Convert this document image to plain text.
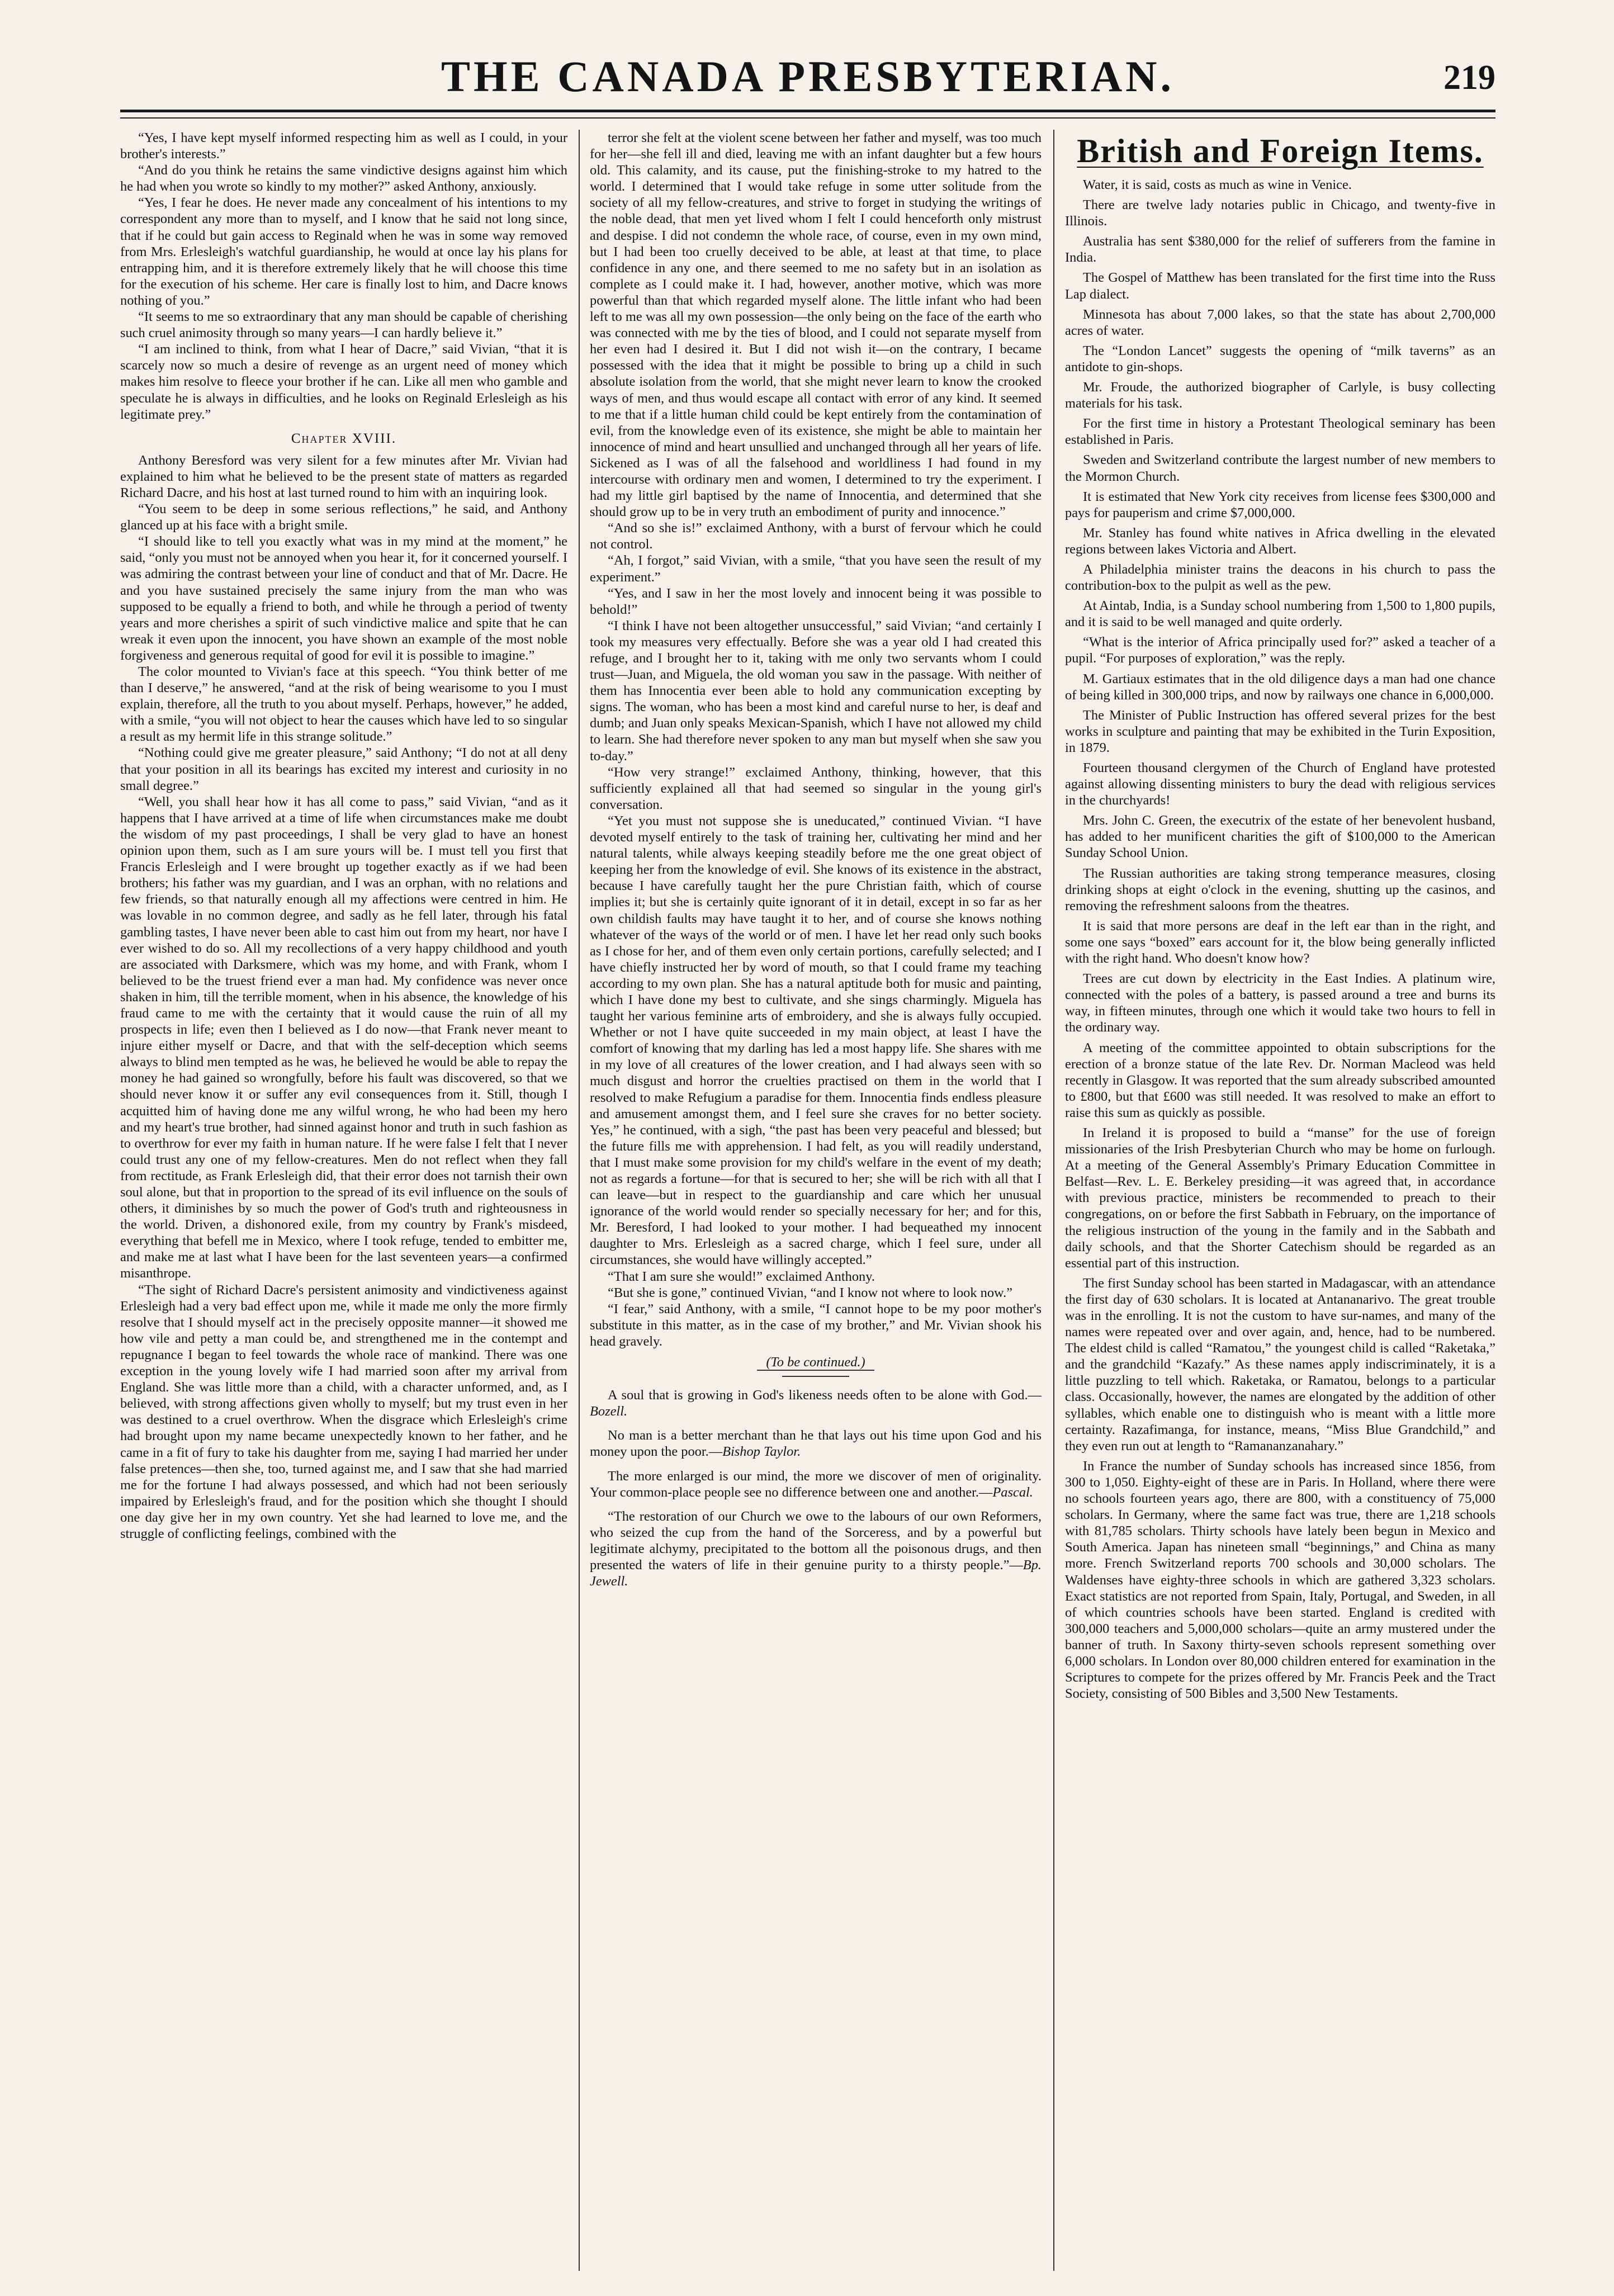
THE CANADA PRESBYTERIAN.	219

“Yes, I have kept myself informed respecting him as well as I could, in your brother's interests.”

“And do you think he retains the same vindictive designs against him which he had when you wrote so kindly to my mother?” asked Anthony, anxiously.

“Yes, I fear he does. He never made any concealment of his intentions to my correspondent any more than to myself, and I know that he said not long since, that if he could but gain access to Reginald when he was in some way removed from Mrs. Erlesleigh's watchful guardianship, he would at once lay his plans for entrapping him, and it is therefore extremely likely that he will choose this time for the execution of his scheme. Her care is finally lost to him, and Dacre knows nothing of you.”

“It seems to me so extraordinary that any man should be capable of cherishing such cruel animosity through so many years—I can hardly believe it.”

“I am inclined to think, from what I hear of Dacre,” said Vivian, “that it is scarcely now so much a desire of revenge as an urgent need of money which makes him resolve to fleece your brother if he can. Like all men who gamble and speculate he is always in difficulties, and he looks on Reginald Erlesleigh as his legitimate prey.”

Chapter XVIII.

Anthony Beresford was very silent for a few minutes after Mr. Vivian had explained to him what he believed to be the present state of matters as regarded Richard Dacre, and his host at last turned round to him with an inquiring look.

“You seem to be deep in some serious reflections,” he said, and Anthony glanced up at his face with a bright smile.

“I should like to tell you exactly what was in my mind at the moment,” he said, “only you must not be annoyed when you hear it, for it concerned yourself. I was admiring the contrast between your line of conduct and that of Mr. Dacre. He and you have sustained precisely the same injury from the man who was supposed to be equally a friend to both, and while he through a period of twenty years and more cherishes a spirit of such vindictive malice and spite that he can wreak it even upon the innocent, you have shown an example of the most noble forgiveness and generous requital of good for evil it is possible to imagine.”

The color mounted to Vivian's face at this speech. “You think better of me than I deserve,” he answered, “and at the risk of being wearisome to you I must explain, therefore, all the truth to you about myself. Perhaps, however,” he added, with a smile, “you will not object to hear the causes which have led to so singular a result as my hermit life in this strange solitude.”

“Nothing could give me greater pleasure,” said Anthony; “I do not at all deny that your position in all its bearings has excited my interest and curiosity in no small degree.”

“Well, you shall hear how it has all come to pass,” said Vivian, “and as it happens that I have arrived at a time of life when circumstances make me doubt the wisdom of my past proceedings, I shall be very glad to have an honest opinion upon them, such as I am sure yours will be. I must tell you first that Francis Erlesleigh and I were brought up together exactly as if we had been brothers; his father was my guardian, and I was an orphan, with no relations and few friends, so that naturally enough all my affections were centred in him. He was lovable in no common degree, and sadly as he fell later, through his fatal gambling tastes, I have never been able to cast him out from my heart, nor have I ever wished to do so. All my recollections of a very happy childhood and youth are associated with Darksmere, which was my home, and with Frank, whom I believed to be the truest friend ever a man had. My confidence was never once shaken in him, till the terrible moment, when in his absence, the knowledge of his fraud came to me with the certainty that it would cause the ruin of all my prospects in life; even then I believed as I do now—that Frank never meant to injure either myself or Dacre, and that with the self-deception which seems always to blind men tempted as he was, he believed he would be able to repay the money he had gained so wrongfully, before his fault was discovered, so that we should never know it or suffer any evil consequences from it. Still, though I acquitted him of having done me any wilful wrong, he who had been my hero and my heart's true brother, had sinned against honor and truth in such fashion as to overthrow for ever my faith in human nature. If he were false I felt that I never could trust any one of my fellow-creatures. Men do not reflect when they fall from rectitude, as Frank Erlesleigh did, that their error does not tarnish their own soul alone, but that in proportion to the spread of its evil influence on the souls of others, it diminishes by so much the power of God's truth and righteousness in the world. Driven, a dishonored exile, from my country by Frank's misdeed, everything that befell me in Mexico, where I took refuge, tended to embitter me, and make me at last what I have been for the last seventeen years—a confirmed misanthrope.

“The sight of Richard Dacre's persistent animosity and vindictiveness against Erlesleigh had a very bad effect upon me, while it made me only the more firmly resolve that I should myself act in the precisely opposite manner—it showed me how vile and petty a man could be, and strengthened me in the contempt and repugnance I began to feel towards the whole race of mankind. There was one exception in the young lovely wife I had married soon after my arrival from England. She was little more than a child, with a character unformed, and, as I believed, with strong affections given wholly to myself; but my trust even in her was destined to a cruel overthrow. When the disgrace which Erlesleigh's crime had brought upon my name became unexpectedly known to her father, and he came in a fit of fury to take his daughter from me, saying I had married her under false pretences—then she, too, turned against me, and I saw that she had married me for the fortune I had always possessed, and which had not been seriously impaired by Erlesleigh's fraud, and for the position which she thought I should one day give her in my own country. Yet she had learned to love me, and the struggle of conflicting feelings, combined with the

terror she felt at the violent scene between her father and myself, was too much for her—she fell ill and died, leaving me with an infant daughter but a few hours old. This calamity, and its cause, put the finishing-stroke to my hatred to the world. I determined that I would take refuge in some utter solitude from the society of all my fellow-creatures, and strive to forget in studying the writings of the noble dead, that men yet lived whom I felt I could henceforth only mistrust and despise. I did not condemn the whole race, of course, even in my own mind, but I had been too cruelly deceived to be able, at least at that time, to place confidence in any one, and there seemed to me no safety but in an isolation as complete as I could make it. I had, however, another motive, which was more powerful than that which regarded myself alone. The little infant who had been left to me was all my own possession—the only being on the face of the earth who was connected with me by the ties of blood, and I could not separate myself from her even had I desired it. But I did not wish it—on the contrary, I became possessed with the idea that it might be possible to bring up a child in such absolute isolation from the world, that she might never learn to know the crooked ways of men, and thus would escape all contact with error of any kind. It seemed to me that if a little human child could be kept entirely from the contamination of evil, from the knowledge even of its existence, she might be able to maintain her innocence of mind and heart unsullied and unchanged through all her years of life. Sickened as I was of all the falsehood and worldliness I had found in my intercourse with ordinary men and women, I determined to try the experiment. I had my little girl baptised by the name of Innocentia, and determined that she should grow up to be in very truth an embodiment of purity and innocence.”

“And so she is!” exclaimed Anthony, with a burst of fervour which he could not control.

“Ah, I forgot,” said Vivian, with a smile, “that you have seen the result of my experiment.”

“Yes, and I saw in her the most lovely and innocent being it was possible to behold!”

“I think I have not been altogether unsuccessful,” said Vivian; “and certainly I took my measures very effectually. Before she was a year old I had created this refuge, and I brought her to it, taking with me only two servants whom I could trust—Juan, and Miguela, the old woman you saw in the passage. With neither of them has Innocentia ever been able to hold any communication excepting by signs. The woman, who has been a most kind and careful nurse to her, is deaf and dumb; and Juan only speaks Mexican-Spanish, which I have not allowed my child to learn. She had therefore never spoken to any man but myself when she saw you to-day.”

“How very strange!” exclaimed Anthony, thinking, however, that this sufficiently explained all that had seemed so singular in the young girl's conversation.

“Yet you must not suppose she is uneducated,” continued Vivian. “I have devoted myself entirely to the task of training her, cultivating her mind and her natural talents, while always keeping steadily before me the one great object of keeping her from the knowledge of evil. She knows of its existence in the abstract, because I have carefully taught her the pure Christian faith, which of course implies it; but she is certainly quite ignorant of it in detail, except in so far as her own childish faults may have taught it to her, and of course she knows nothing whatever of the ways of the world or of men. I have let her read only such books as I chose for her, and of them even only certain portions, carefully selected; and I have chiefly instructed her by word of mouth, so that I could frame my teaching according to my own plan. She has a natural aptitude both for music and painting, which I have done my best to cultivate, and she sings charmingly. Miguela has taught her various feminine arts of embroidery, and she is always fully occupied. Whether or not I have quite succeeded in my main object, at least I have the comfort of knowing that my darling has led a most happy life. She shares with me in my love of all creatures of the lower creation, and I had always seen with so much disgust and horror the cruelties practised on them in the world that I resolved to make Refugium a paradise for them. Innocentia finds endless pleasure and amusement amongst them, and I feel sure she craves for no better society. Yes,” he continued, with a sigh, “the past has been very peaceful and blessed; but the future fills me with apprehension. I had felt, as you will readily understand, that I must make some provision for my child's welfare in the event of my death; not as regards a fortune—for that is secured to her; she will be rich with all that I can leave—but in respect to the guardianship and care which her unusual ignorance of the world would render so specially necessary for her; and for this, Mr. Beresford, I had looked to your mother. I had bequeathed my innocent daughter to Mrs. Erlesleigh as a sacred charge, which I feel sure, under all circumstances, she would have willingly accepted.”

“That I am sure she would!” exclaimed Anthony.

“But she is gone,” continued Vivian, “and I know not where to look now.”

“I fear,” said Anthony, with a smile, “I cannot hope to be my poor mother's substitute in this matter, as in the case of my brother,” and Mr. Vivian shook his head gravely.

(To be continued.)

A soul that is growing in God's likeness needs often to be alone with God.—Bozell.

No man is a better merchant than he that lays out his time upon God and his money upon the poor.—Bishop Taylor.

The more enlarged is our mind, the more we discover of men of originality. Your common-place people see no difference between one and another.—Pascal.

“The restoration of our Church we owe to the labours of our own Reformers, who seized the cup from the hand of the Sorceress, and by a powerful but legitimate alchymy, precipitated to the bottom all the poisonous drugs, and then presented the waters of life in their genuine purity to a thirsty people.”—Bp. Jewell.

British and Foreign Items.

Water, it is said, costs as much as wine in Venice.

There are twelve lady notaries public in Chicago, and twenty-five in Illinois.

Australia has sent $380,000 for the relief of sufferers from the famine in India.

The Gospel of Matthew has been translated for the first time into the Russ Lap dialect.

Minnesota has about 7,000 lakes, so that the state has about 2,700,000 acres of water.

The “London Lancet” suggests the opening of “milk taverns” as an antidote to gin-shops.

Mr. Froude, the authorized biographer of Carlyle, is busy collecting materials for his task.

For the first time in history a Protestant Theological seminary has been established in Paris.

Sweden and Switzerland contribute the largest number of new members to the Mormon Church.

It is estimated that New York city receives from license fees $300,000 and pays for pauperism and crime $7,000,000.

Mr. Stanley has found white natives in Africa dwelling in the elevated regions between lakes Victoria and Albert.

A Philadelphia minister trains the deacons in his church to pass the contribution-box to the pulpit as well as the pew.

At Aintab, India, is a Sunday school numbering from 1,500 to 1,800 pupils, and it is said to be well managed and quite orderly.

“What is the interior of Africa principally used for?” asked a teacher of a pupil. “For purposes of exploration,” was the reply.

M. Gartiaux estimates that in the old diligence days a man had one chance of being killed in 300,000 trips, and now by railways one chance in 6,000,000.

The Minister of Public Instruction has offered several prizes for the best works in sculpture and painting that may be exhibited in the Turin Exposition, in 1879.

Fourteen thousand clergymen of the Church of England have protested against allowing dissenting ministers to bury the dead with religious services in the churchyards!

Mrs. John C. Green, the executrix of the estate of her benevolent husband, has added to her munificent charities the gift of $100,000 to the American Sunday School Union.

The Russian authorities are taking strong temperance measures, closing drinking shops at eight o'clock in the evening, shutting up the casinos, and removing the refreshment saloons from the theatres.

It is said that more persons are deaf in the left ear than in the right, and some one says “boxed” ears account for it, the blow being generally inflicted with the right hand. Who doesn't know how?

Trees are cut down by electricity in the East Indies. A platinum wire, connected with the poles of a battery, is passed around a tree and burns its way, in fifteen minutes, through one which it would take two hours to fell in the ordinary way.

A meeting of the committee appointed to obtain subscriptions for the erection of a bronze statue of the late Rev. Dr. Norman Macleod was held recently in Glasgow. It was reported that the sum already subscribed amounted to £800, but that £600 was still needed. It was resolved to make an effort to raise this sum as quickly as possible.

In Ireland it is proposed to build a “manse” for the use of foreign missionaries of the Irish Presbyterian Church who may be home on furlough. At a meeting of the General Assembly's Primary Education Committee in Belfast—Rev. L. E. Berkeley presiding—it was agreed that, in accordance with previous practice, ministers be recommended to preach to their congregations, on or before the first Sabbath in February, on the importance of the religious instruction of the young in the family and in the Sabbath and daily schools, and that the Shorter Catechism should be regarded as an essential part of this instruction.

The first Sunday school has been started in Madagascar, with an attendance the first day of 630 scholars. It is located at Antananarivo. The great trouble was in the enrolling. It is not the custom to have sur-names, and many of the names were repeated over and over again, and, hence, had to be numbered. The eldest child is called “Ramatou,” the youngest child is called “Raketaka,” and the grandchild “Kazafy.” As these names apply indiscriminately, it is a little puzzling to tell which. Raketaka, or Ramatou, belongs to a particular class. Occasionally, however, the names are elongated by the addition of other syllables, which enable one to distinguish who is meant with a little more certainty. Razafimanga, for instance, means, “Miss Blue Grandchild,” and they even run out at length to “Ramananzanahary.”

In France the number of Sunday schools has increased since 1856, from 300 to 1,050. Eighty-eight of these are in Paris. In Holland, where there were no schools fourteen years ago, there are 800, with a constituency of 75,000 scholars. In Germany, where the same fact was true, there are 1,218 schools with 81,785 scholars. Thirty schools have lately been begun in Mexico and South America. Japan has nineteen small “beginnings,” and China as many more. French Switzerland reports 700 schools and 30,000 scholars. The Waldenses have eighty-three schools in which are gathered 3,323 scholars. Exact statistics are not reported from Spain, Italy, Portugal, and Sweden, in all of which countries schools have been started. England is credited with 300,000 teachers and 5,000,000 scholars—quite an army mustered under the banner of truth. In Saxony thirty-seven schools represent something over 6,000 scholars. In London over 80,000 children entered for examination in the Scriptures to compete for the prizes offered by Mr. Francis Peek and the Tract Society, consisting of 500 Bibles and 3,500 New Testaments.
